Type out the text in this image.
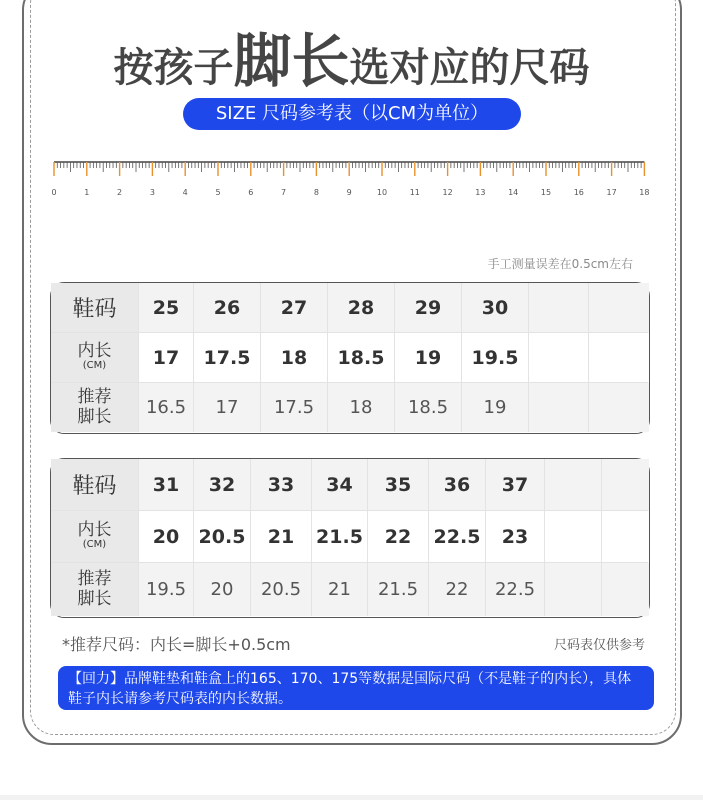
按孩子脚长选对应的尺码
SIZE 尺码参考表（以CM为单位）
0	1	2	3	4	5	6	7	8	9	10	11	12	13	14	15	16	17	18
手工测量误差在0.5cm左右
鞋码 25 26 27 28 29 30
内长
(CM) 17 17.5 18 18.5 19 19.5
推荐
脚长 16.5 17 17.5 18 18.5 19
鞋码 31 32 33 34 35 36 37
内长
(CM) 20 20.5 21 21.5 22 22.5 23
推荐
脚长 19.5 20 20.5 21 21.5 22 22.5
*推荐尺码：内长=脚长+0.5cm	尺码表仅供参考
【回力】品牌鞋垫和鞋盒上的165、170、175等数据是国际尺码（不是鞋子的内长），具体
鞋子内长请参考尺码表的内长数据。
